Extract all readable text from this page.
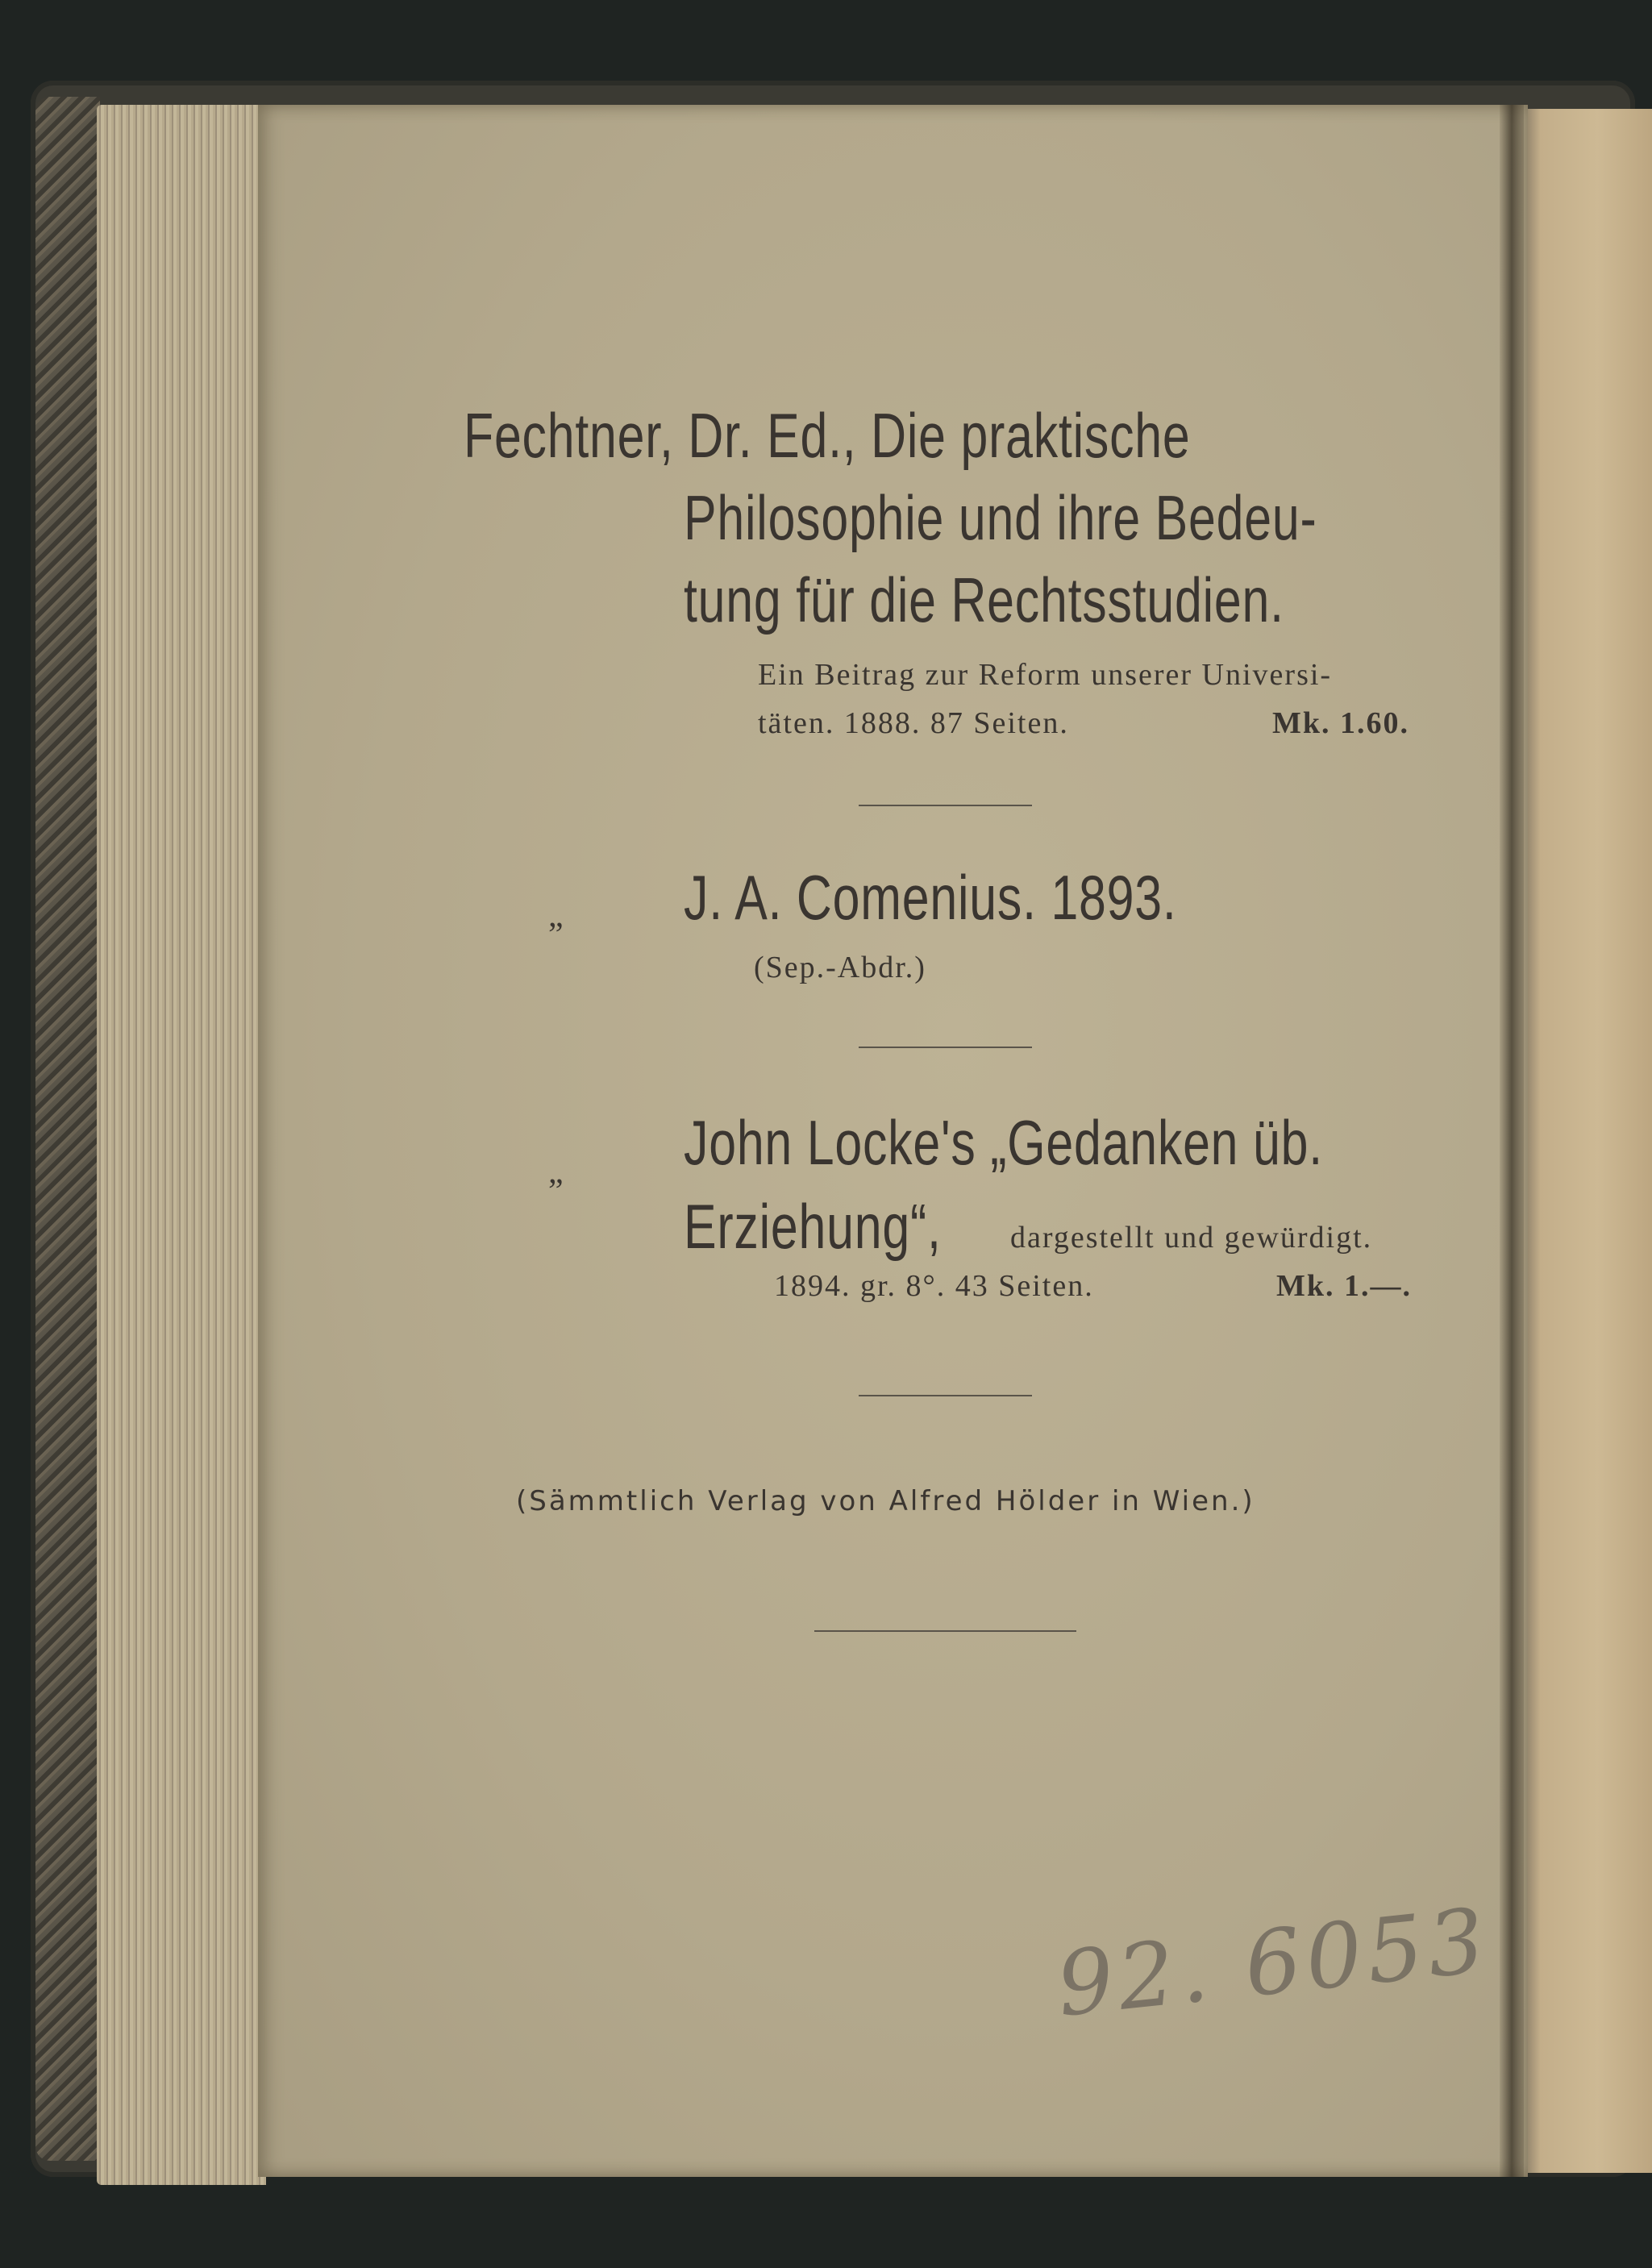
Fechtner, Dr. Ed., Die praktische
Philosophie und ihre Bedeu-
tung für die Rechtsstudien.
Ein Beitrag zur Reform unserer Universi-
täten. 1888. 87 Seiten.	Mk. 1.60.
„ J. A. Comenius. 1893.
(Sep.-Abdr.)
„ John Locke's „Gedanken üb.
Erziehung“, dargestellt und gewürdigt.
1894. gr. 8°. 43 Seiten.	Mk. 1.—.
(Sämmtlich Verlag von Alfred Hölder in Wien.)
92. 6053
